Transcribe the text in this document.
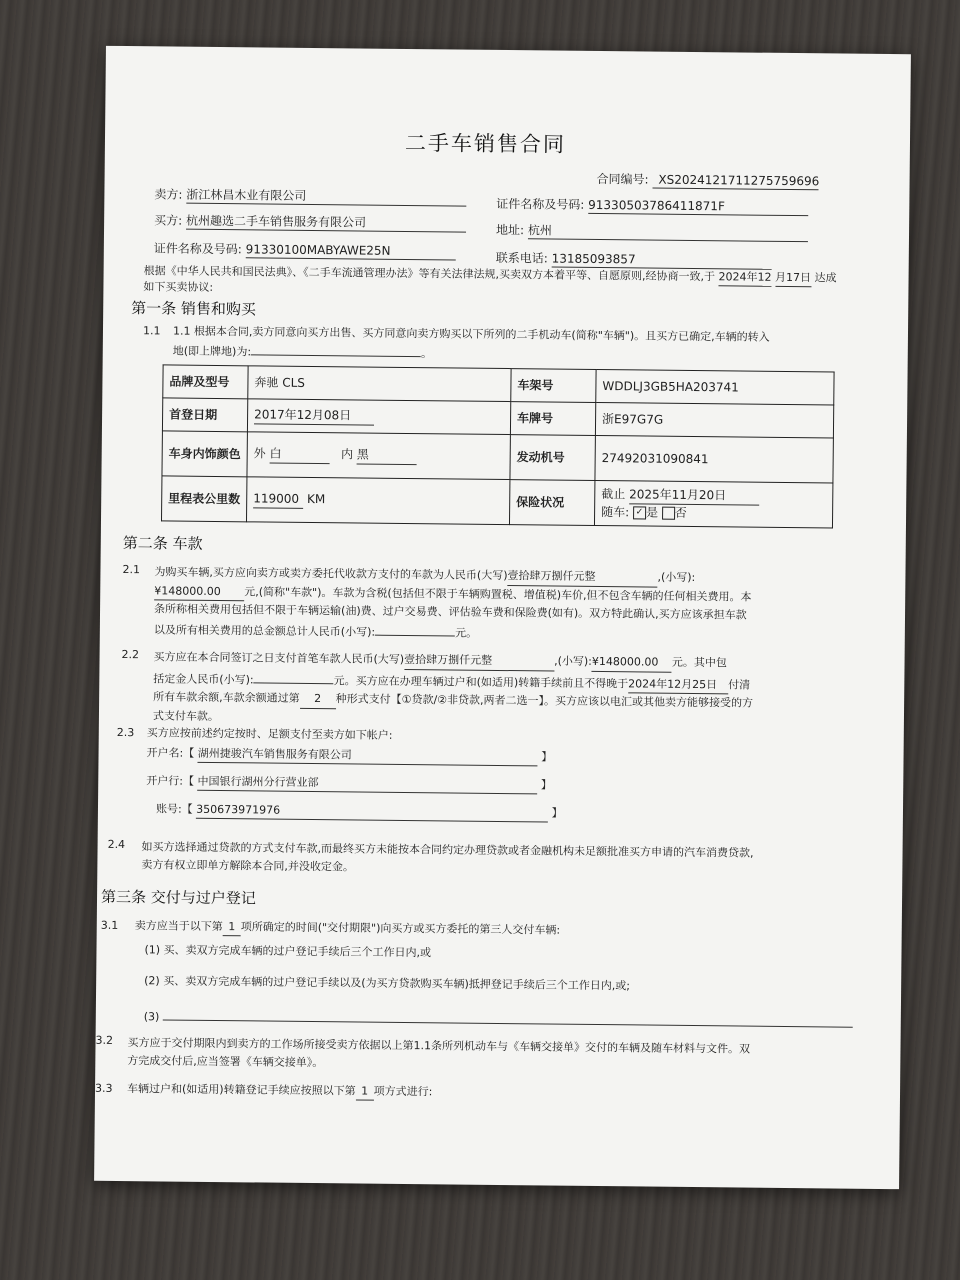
二手车销售合同
合同编号: XS20241217112757596​96
卖方: 浙江林昌木业有限公司
证件名称及号码: 91330503786411871F
买方: 杭州趣选二手车销售服务有限公司
地址: 杭州
证件名称及号码: 91330100MABYAWE25N
联系电话: 13185093857
根据《中华人民共和国民法典》、《二手车流通管理办法》等有关法律法规,买卖双方本着平等、自愿原则,经协商一致,于 2024年12 月17日 达成如下买卖协议:
第一条 销售和购买
1.1 1.1 根据本合同,卖方同意向买方出售、买方同意向卖方购买以下所列的二手机动车(简称"车辆")。且买方已确定,车辆的转入
地(即上牌地)为:	。
品牌及型号	奔驰 CLS	车架号	WDDLJ3GB5HA203741
首登日期	2017年12月08日	车牌号	浙E97G7G
车身内饰颜色	外 白 内 黑	发动机号	27492031090841
里程表公里数	119000 KM	保险状况	截止 2025年11月20日
随车: ✓ 是 否
第二条 车款
2.1 为购买车辆,买方应向卖方或卖方委托代收款方支付的车款为人民币(大写)壹拾肆万捌仟元整	,(小写):
¥148000.00 元,(简称"车款")。车款为含税(包括但不限于车辆购置税、增值税)车价,但不包含车辆的任何相关费用。本
条所称相关费用包括但不限于车辆运输(油)费、过户交易费、评估验车费和保险费(如有)。双方特此确认,买方应该承担车款
以及所有相关费用的总金额总计人民币(小写):	元。
2.2 买方应在本合同签订之日支付首笔车款人民币(大写)壹拾肆万捌仟元整	,(小写):¥148000.00 元。其中包
括定金人民币(小写):	元。买方应在办理车辆过户和(如适用)转籍手续前且不得晚于2024年12月25日 付清
所有车款余额,车款余额通过第 2 种形式支付【①贷款/②非贷款,两者二选一】。买方应该以电汇或其他卖方能够接受的方
式支付车款。
2.3 买方应按前述约定按时、足额支付至卖方如下帐户:
开户名:【 湖州捷骏汽车销售服务有限公司	】
开户行:【 中国银行湖州分行营业部	】
账号:【 350673971976	】
2.4 如买方选择通过贷款的方式支付车款,而最终买方未能按本合同约定办理贷款或者金融机构未足额批准买方申请的汽车消费贷款,
卖方有权立即单方解除本合同,并没收定金。
第三条 交付与过户登记
3.1 卖方应当于以下第 1 项所确定的时间("交付期限")向买方或买方委托的第三人交付车辆:
(1) 买、卖双方完成车辆的过户登记手续后三个工作日内,或
(2) 买、卖双方完成车辆的过户登记手续以及(为买方贷款购买车辆)抵押登记手续后三个工作日内,或;
(3)
3.2 买方应于交付期限内到卖方的工作场所接受卖方依据以上第1.1条所列机动车与《车辆交接单》交付的车辆及随车材料与文件。双
方完成交付后,应当签署《车辆交接单》。
3.3 车辆过户和(如适用)转籍登记手续应按照以下第 1 项方式进行:
